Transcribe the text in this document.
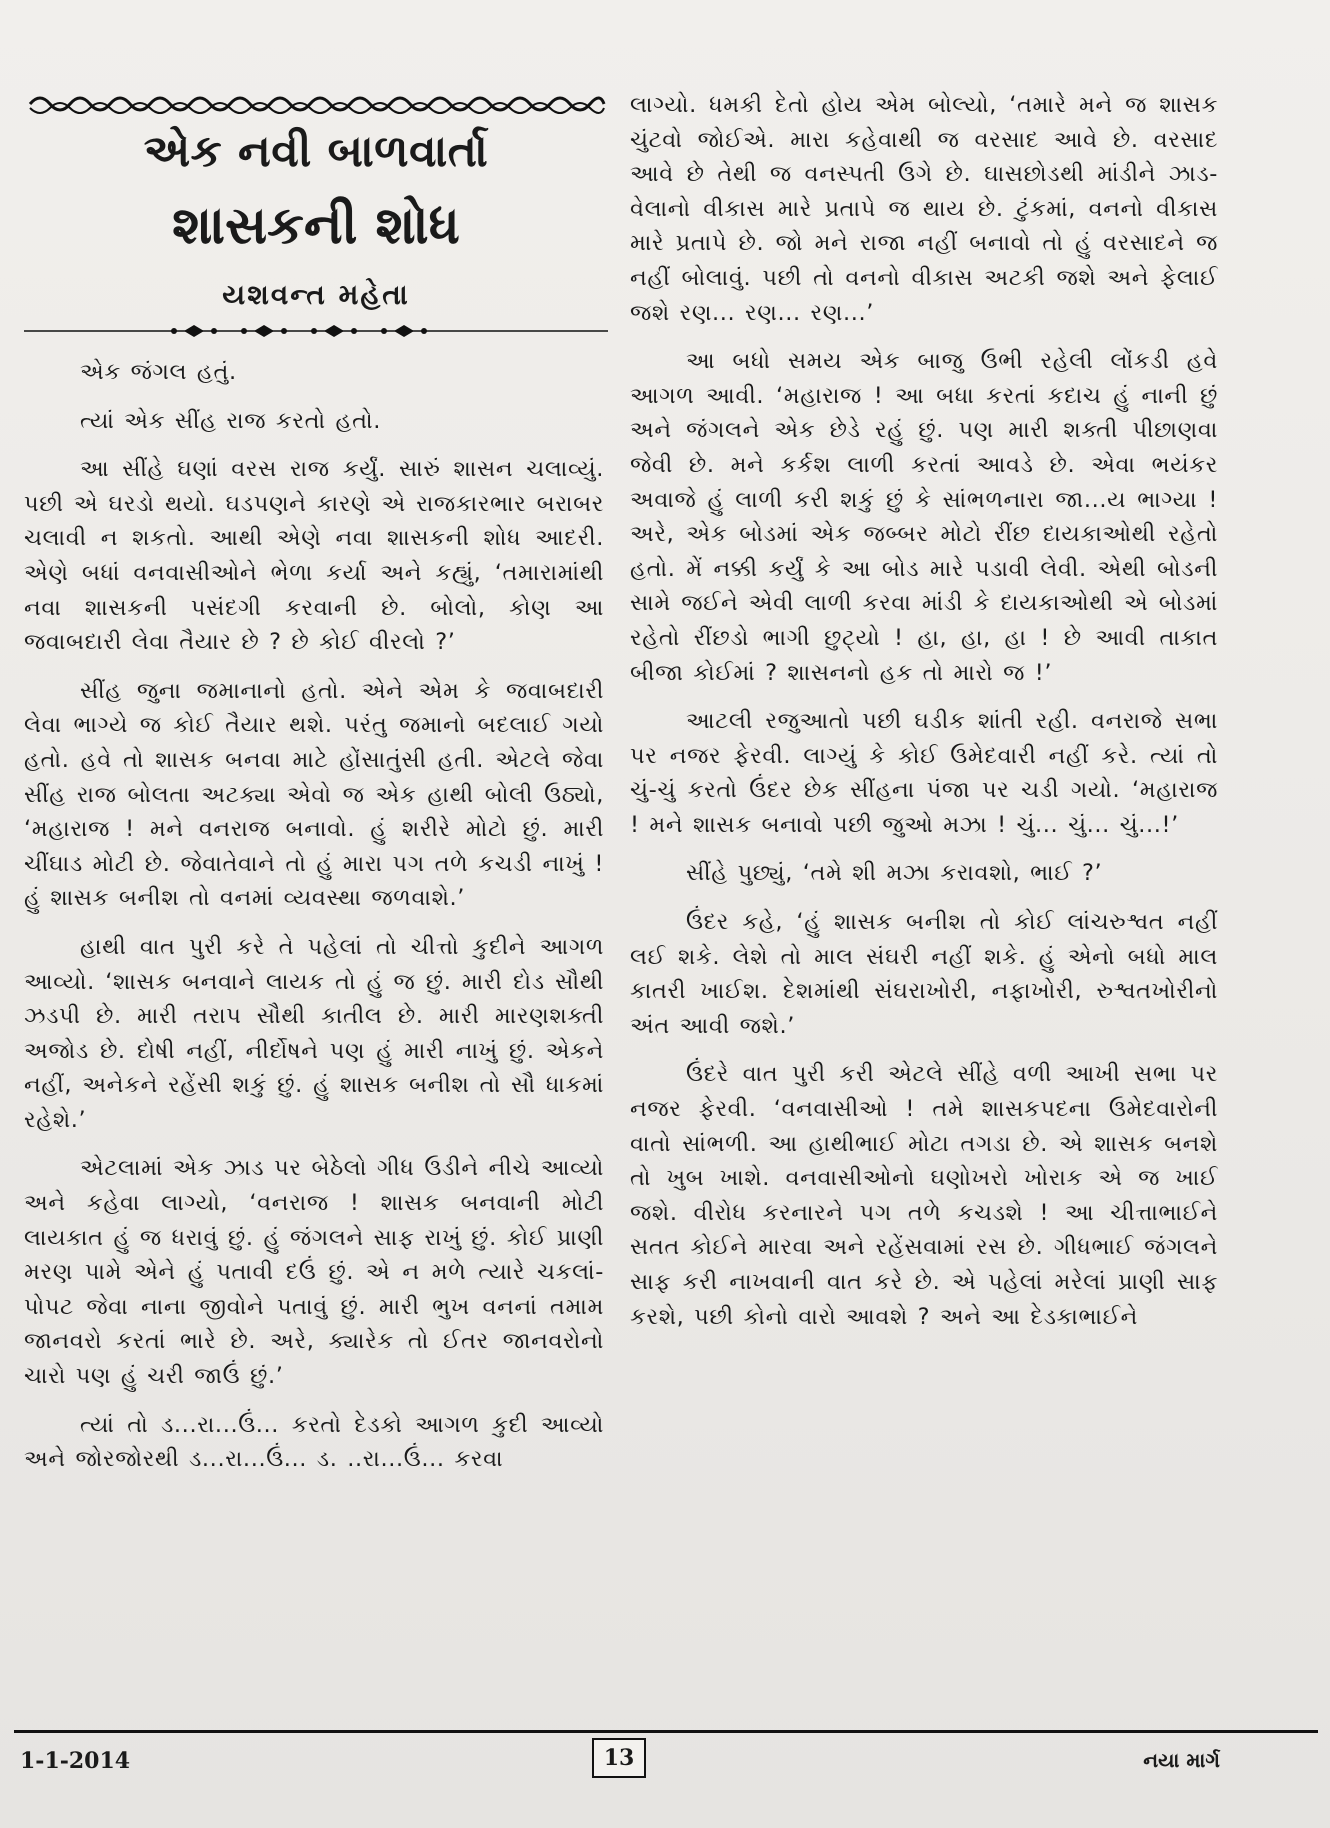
એક નવી બાળવાર્તા
શાસકની શોધ
યશવન્ત મહેતા

એક જંગલ હતું.

ત્યાં એક સીંહ રાજ કરતો હતો.

આ સીંહે ઘણાં વરસ રાજ કર્યું. સારું શાસન ચલાવ્યું. પછી એ ઘરડો થયો. ઘડપણને કારણે એ રાજકારભાર બરાબર ચલાવી ન શકતો. આથી એણે નવા શાસકની શોધ આદરી. એણે બધાં વનવાસીઓને ભેળા કર્યા અને કહ્યું, ‘તમારામાંથી નવા શાસકની પસંદગી કરવાની છે. બોલો, કોણ આ જવાબદારી લેવા તૈયાર છે ? છે કોઈ વીરલો ?’

સીંહ જુના જમાનાનો હતો. એને એમ કે જવાબદારી લેવા ભાગ્યે જ કોઈ તૈયાર થશે. પરંતુ જમાનો બદલાઈ ગયો હતો. હવે તો શાસક બનવા માટે હોંસાતુંસી હતી. એટલે જેવા સીંહ રાજ બોલતા અટક્યા એવો જ એક હાથી બોલી ઉઠ્યો, ‘મહારાજ ! મને વનરાજ બનાવો. હું શરીરે મોટો છું. મારી ચીંઘાડ મોટી છે. જેવાતેવાને તો હું મારા પગ તળે કચડી નાખું ! હું શાસક બનીશ તો વનમાં વ્યવસ્થા જળવાશે.’

હાથી વાત પુરી કરે તે પહેલાં તો ચીત્તો કુદીને આગળ આવ્યો. ‘શાસક બનવાને લાયક તો હું જ છું. મારી દોડ સૌથી ઝડપી છે. મારી તરાપ સૌથી કાતીલ છે. મારી મારણશક્તી અજોડ છે. દોષી નહીં, નીર્દોષને પણ હું મારી નાખું છું. એકને નહીં, અનેકને રહેંસી શકું છું. હું શાસક બનીશ તો સૌ ધાકમાં રહેશે.’

એટલામાં એક ઝાડ પર બેઠેલો ગીધ ઉડીને નીચે આવ્યો અને કહેવા લાગ્યો, ‘વનરાજ ! શાસક બનવાની મોટી લાયકાત હું જ ધરાવું છું. હું જંગલને સાફ રાખું છું. કોઈ પ્રાણી મરણ પામે એને હું પતાવી દઉં છું. એ ન મળે ત્યારે ચકલાં-પોપટ જેવા નાના જીવોને પતાવું છું. મારી ભુખ વનનાં તમામ જાનવરો કરતાં ભારે છે. અરે, ક્યારેક તો ઈતર જાનવરોનો ચારો પણ હું ચરી જાઉં છું.’

ત્યાં તો ડ...રા...ઉં... કરતો દેડકો આગળ કુદી આવ્યો અને જોરજોરથી ડ...રા...ઉં... ડ. ..રા...ઉં... કરવા

લાગ્યો. ધમકી દેતો હોય એમ બોલ્યો, ‘તમારે મને જ શાસક ચુંટવો જોઈએ. મારા કહેવાથી જ વરસાદ આવે છે. વરસાદ આવે છે તેથી જ વનસ્પતી ઉગે છે. ઘાસછોડથી માંડીને ઝાડ-વેલાનો વીકાસ મારે પ્રતાપે જ થાય છે. ટુંકમાં, વનનો વીકાસ મારે પ્રતાપે છે. જો મને રાજા નહીં બનાવો તો હું વરસાદને જ નહીં બોલાવું. પછી તો વનનો વીકાસ અટકી જશે અને ફેલાઈ જશે રણ... રણ... રણ...’

આ બધો સમય એક બાજુ ઉભી રહેલી લોંકડી હવે આગળ આવી. ‘મહારાજ ! આ બધા કરતાં કદાચ હું નાની છું અને જંગલને એક છેડે રહું છું. પણ મારી શક્તી પીછાણવા જેવી છે. મને કર્કશ લાળી કરતાં આવડે છે. એવા ભયંકર અવાજે હું લાળી કરી શકું છું કે સાંભળનારા જા...ય ભાગ્યા ! અરે, એક બોડમાં એક જબ્બર મોટો રીંછ દાયકાઓથી રહેતો હતો. મેં નક્કી કર્યું કે આ બોડ મારે પડાવી લેવી. એથી બોડની સામે જઈને એવી લાળી કરવા માંડી કે દાયકાઓથી એ બોડમાં રહેતો રીંછડો ભાગી છુટ્યો ! હા, હા, હા ! છે આવી તાકાત બીજા કોઈમાં ? શાસનનો હક તો મારો જ !’

આટલી રજુઆતો પછી ઘડીક શાંતી રહી. વનરાજે સભા પર નજર ફેરવી. લાગ્યું કે કોઈ ઉમેદવારી નહીં કરે. ત્યાં તો ચું-ચું કરતો ઉંદર છેક સીંહના પંજા પર ચડી ગયો. ‘મહારાજ ! મને શાસક બનાવો પછી જુઓ મઝા ! ચું... ચું... ચું...!’

સીંહે પુછ્યું, ‘તમે શી મઝા કરાવશો, ભાઈ ?’

ઉંદર કહે, ‘હું શાસક બનીશ તો કોઈ લાંચરુશ્વત નહીં લઈ શકે. લેશે તો માલ સંઘરી નહીં શકે. હું એનો બધો માલ કાતરી ખાઈશ. દેશમાંથી સંઘરાખોરી, નફાખોરી, રુશ્વતખોરીનો અંત આવી જશે.’

ઉંદરે વાત પુરી કરી એટલે સીંહે વળી આખી સભા પર નજર ફેરવી. ‘વનવાસીઓ ! તમે શાસકપદના ઉમેદવારોની વાતો સાંભળી. આ હાથીભાઈ મોટા તગડા છે. એ શાસક બનશે તો ખુબ ખાશે. વનવાસીઓનો ઘણોખરો ખોરાક એ જ ખાઈ જશે. વીરોધ કરનારને પગ તળે કચડશે ! આ ચીત્તાભાઈને સતત કોઈને મારવા અને રહેંસવામાં રસ છે. ગીધભાઈ જંગલને સાફ કરી નાખવાની વાત કરે છે. એ પહેલાં મરેલાં પ્રાણી સાફ કરશે, પછી કોનો વારો આવશે ? અને આ દેડકાભાઈને

1-1-2014	13	નયા માર્ગ
